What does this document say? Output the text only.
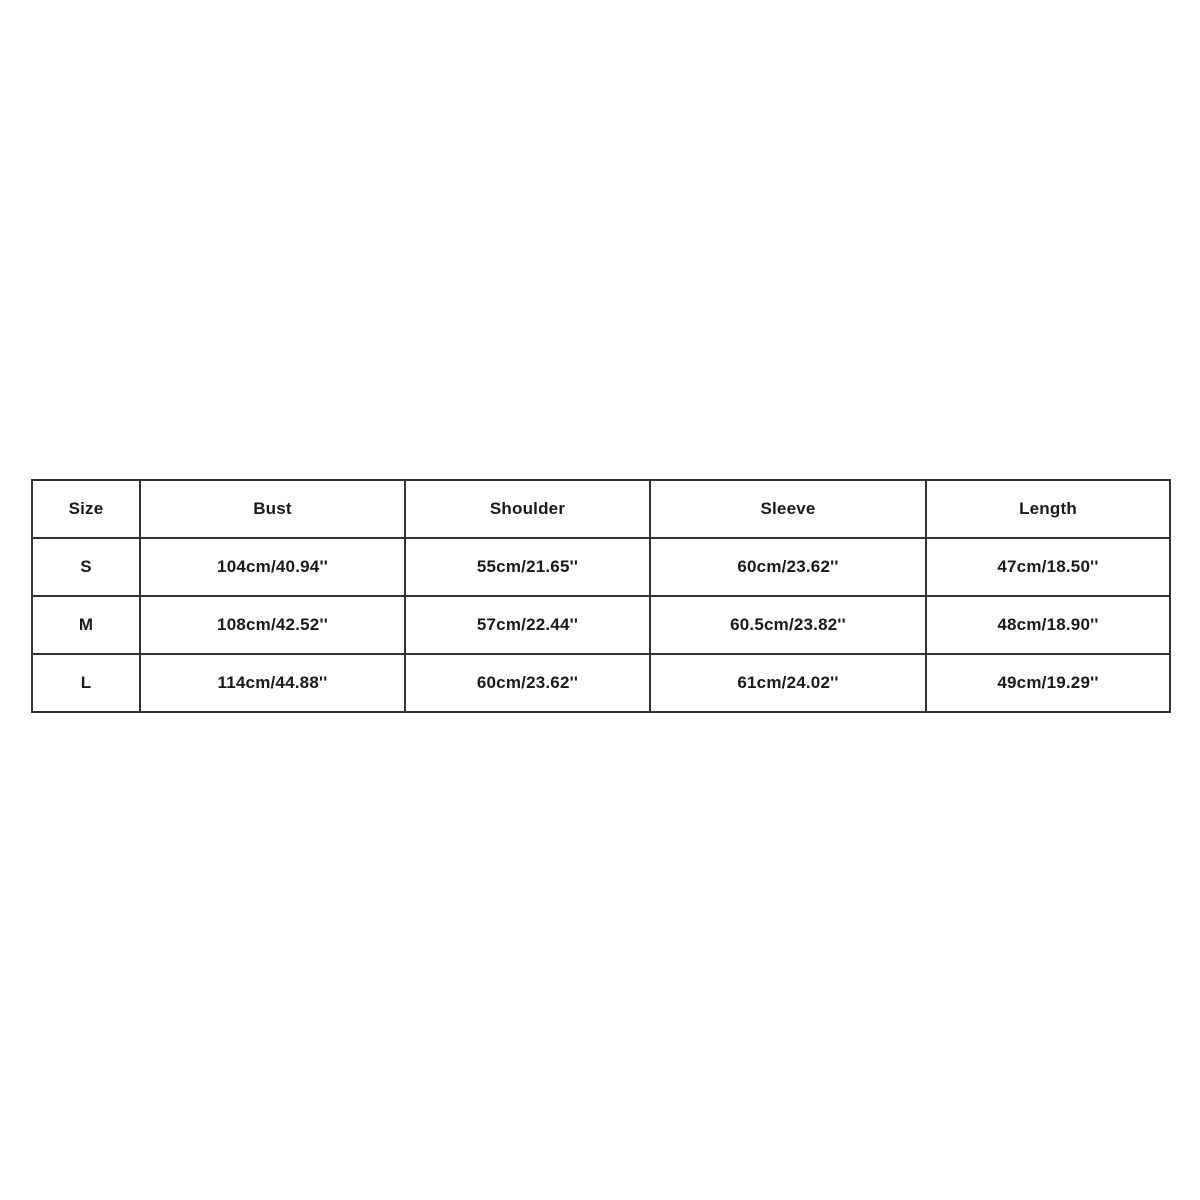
Size	Bust	Shoulder	Sleeve	Length
S	104cm/40.94''	55cm/21.65''	60cm/23.62''	47cm/18.50''
M	108cm/42.52''	57cm/22.44''	60.5cm/23.82''	48cm/18.90''
L	114cm/44.88''	60cm/23.62''	61cm/24.02''	49cm/19.29''
